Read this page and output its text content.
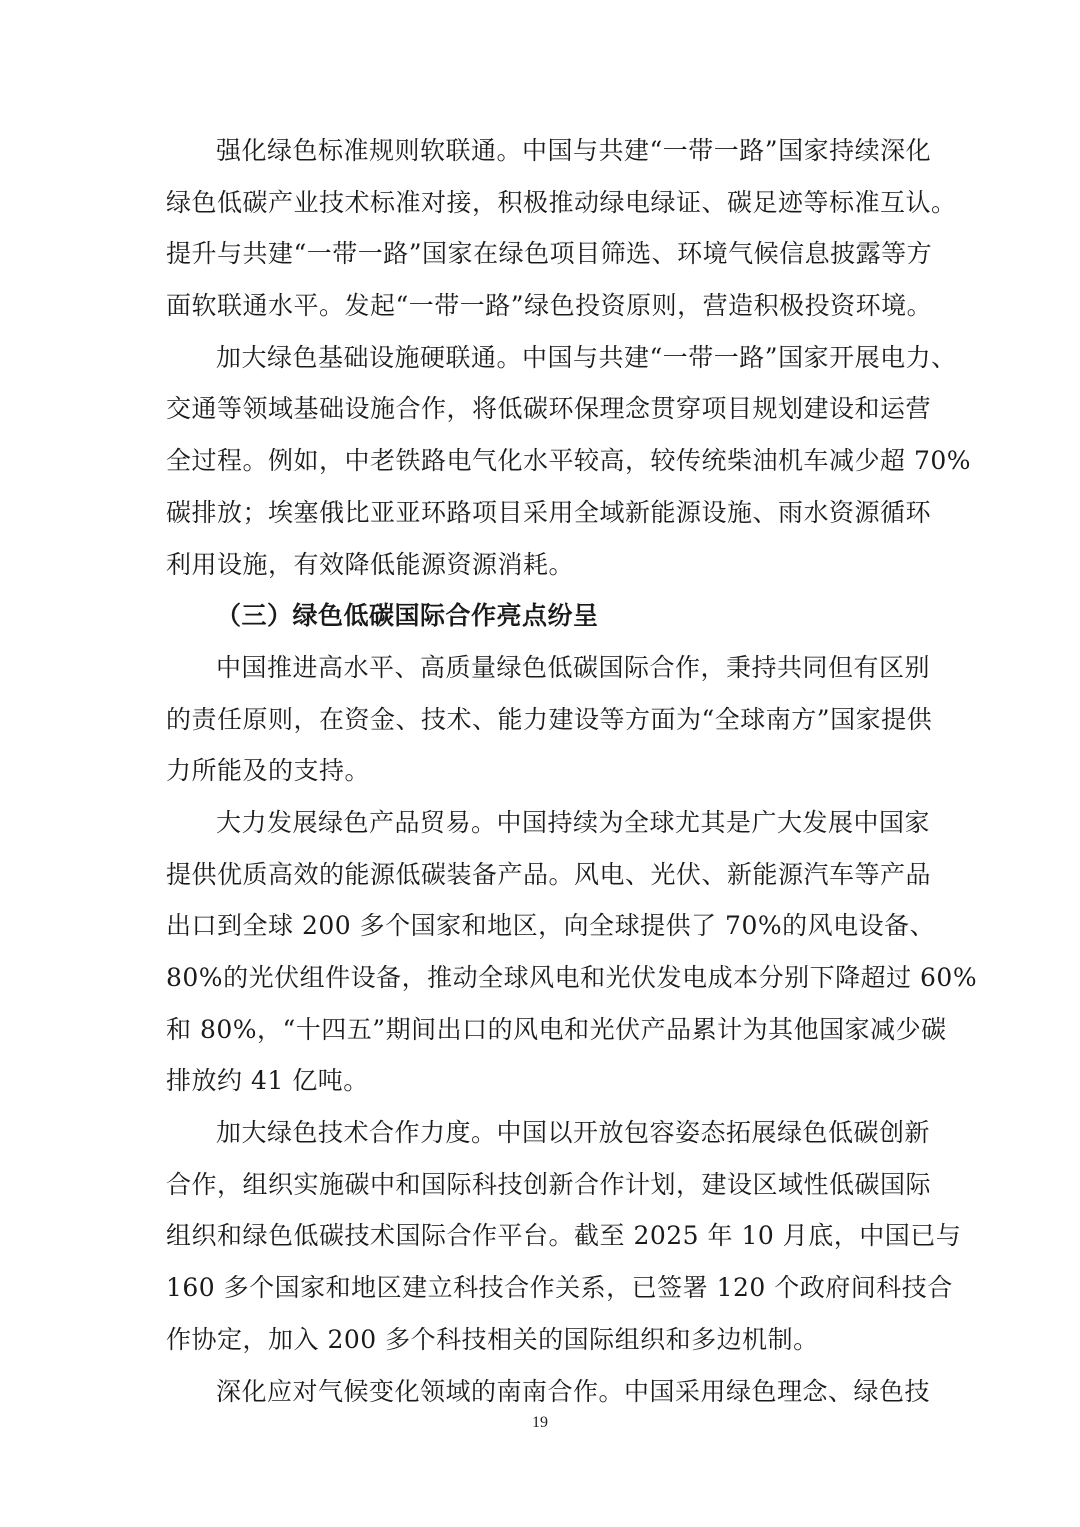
强化绿色标准规则软联通。中国与共建“一带一路”国家持续深化
绿色低碳产业技术标准对接，积极推动绿电绿证、碳足迹等标准互认。
提升与共建“一带一路”国家在绿色项目筛选、环境气候信息披露等方
面软联通水平。发起“一带一路”绿色投资原则，营造积极投资环境。
加大绿色基础设施硬联通。中国与共建“一带一路”国家开展电力、
交通等领域基础设施合作，将低碳环保理念贯穿项目规划建设和运营
全过程。例如，中老铁路电气化水平较高，较传统柴油机车减少超 70%
碳排放；埃塞俄比亚亚环路项目采用全域新能源设施、雨水资源循环
利用设施，有效降低能源资源消耗。
（三）绿色低碳国际合作亮点纷呈
中国推进高水平、高质量绿色低碳国际合作，秉持共同但有区别
的责任原则，在资金、技术、能力建设等方面为“全球南方”国家提供
力所能及的支持。
大力发展绿色产品贸易。中国持续为全球尤其是广大发展中国家
提供优质高效的能源低碳装备产品。风电、光伏、新能源汽车等产品
出口到全球 200 多个国家和地区，向全球提供了 70%的风电设备、
80%的光伏组件设备，推动全球风电和光伏发电成本分别下降超过 60%
和 80%，“十四五”期间出口的风电和光伏产品累计为其他国家减少碳
排放约 41 亿吨。
加大绿色技术合作力度。中国以开放包容姿态拓展绿色低碳创新
合作，组织实施碳中和国际科技创新合作计划，建设区域性低碳国际
组织和绿色低碳技术国际合作平台。截至 2025 年 10 月底，中国已与
160 多个国家和地区建立科技合作关系，已签署 120 个政府间科技合
作协定，加入 200 多个科技相关的国际组织和多边机制。
深化应对气候变化领域的南南合作。中国采用绿色理念、绿色技
19
